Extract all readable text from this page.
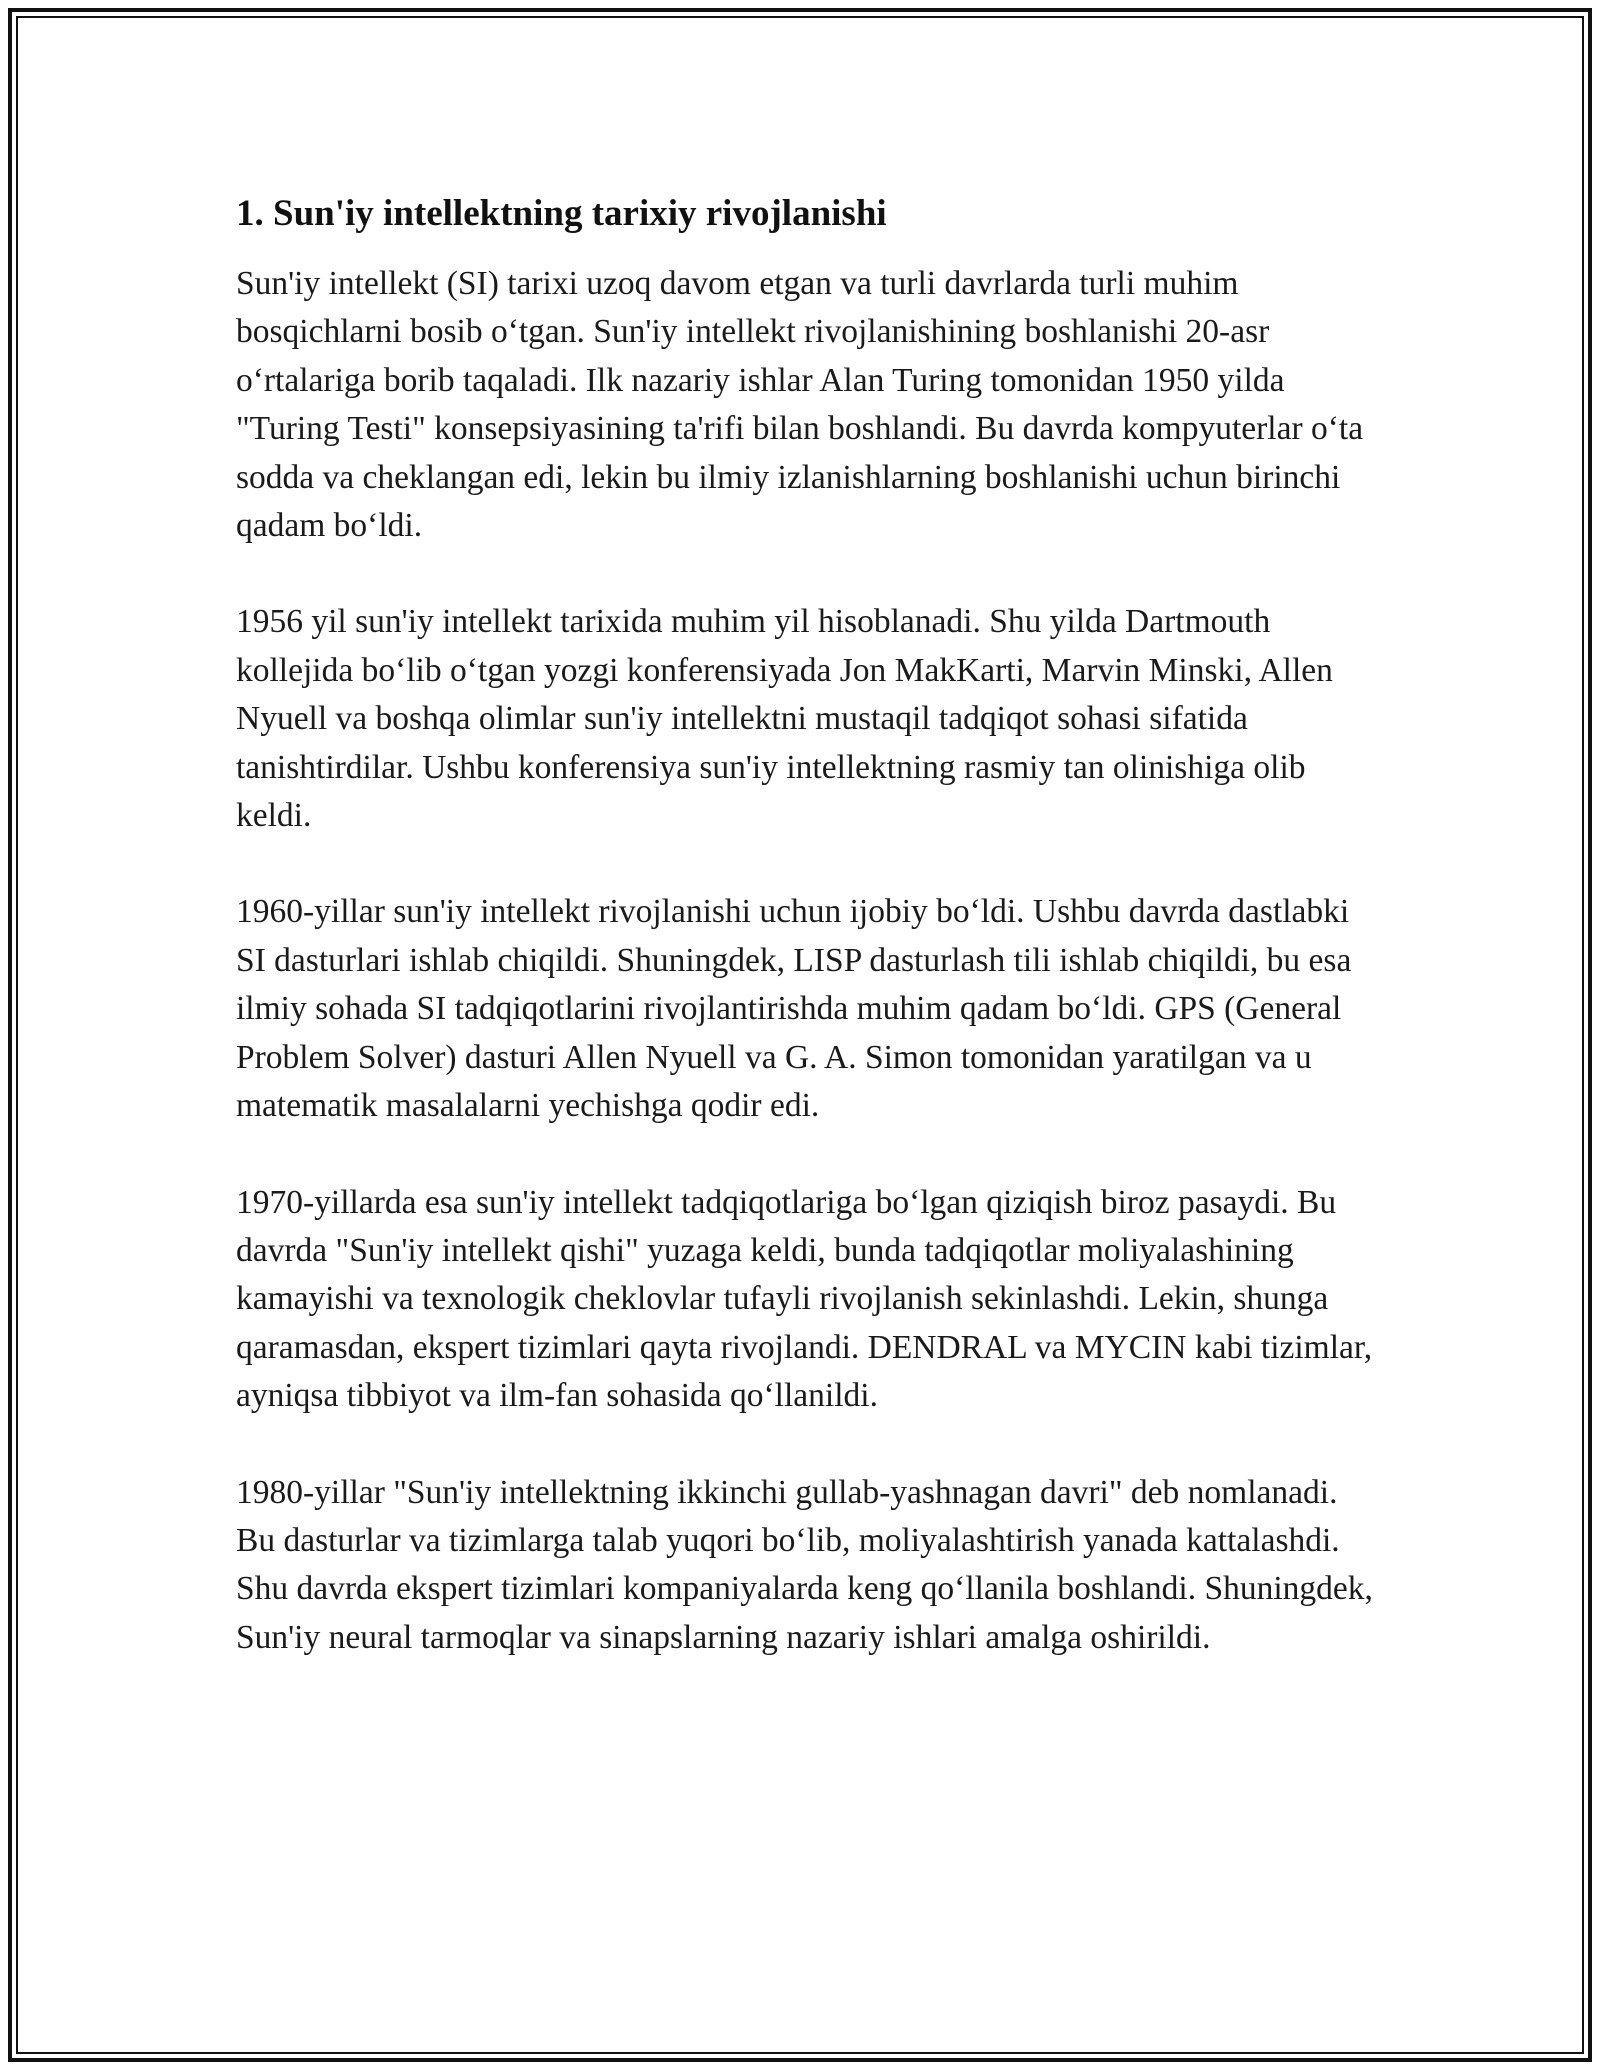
1. Sun'iy intellektning tarixiy rivojlanishi

Sun'iy intellekt (SI) tarixi uzoq davom etgan va turli davrlarda turli muhim bosqichlarni bosib o‘tgan. Sun'iy intellekt rivojlanishining boshlanishi 20-asr o‘rtalariga borib taqaladi. Ilk nazariy ishlar Alan Turing tomonidan 1950 yilda "Turing Testi" konsepsiyasining ta'rifi bilan boshlandi. Bu davrda kompyuterlar o‘ta sodda va cheklangan edi, lekin bu ilmiy izlanishlarning boshlanishi uchun birinchi qadam bo‘ldi.

1956 yil sun'iy intellekt tarixida muhim yil hisoblanadi. Shu yilda Dartmouth kollejida bo‘lib o‘tgan yozgi konferensiyada Jon MakKarti, Marvin Minski, Allen Nyuell va boshqa olimlar sun'iy intellektni mustaqil tadqiqot sohasi sifatida tanishtirdilar. Ushbu konferensiya sun'iy intellektning rasmiy tan olinishiga olib keldi.

1960-yillar sun'iy intellekt rivojlanishi uchun ijobiy bo‘ldi. Ushbu davrda dastlabki SI dasturlari ishlab chiqildi. Shuningdek, LISP dasturlash tili ishlab chiqildi, bu esa ilmiy sohada SI tadqiqotlarini rivojlantirishda muhim qadam bo‘ldi. GPS (General Problem Solver) dasturi Allen Nyuell va G. A. Simon tomonidan yaratilgan va u matematik masalalarni yechishga qodir edi.

1970-yillarda esa sun'iy intellekt tadqiqotlariga bo‘lgan qiziqish biroz pasaydi. Bu davrda "Sun'iy intellekt qishi" yuzaga keldi, bunda tadqiqotlar moliyalashining kamayishi va texnologik cheklovlar tufayli rivojlanish sekinlashdi. Lekin, shunga qaramasdan, ekspert tizimlari qayta rivojlandi. DENDRAL va MYCIN kabi tizimlar, ayniqsa tibbiyot va ilm-fan sohasida qo‘llanildi.

1980-yillar "Sun'iy intellektning ikkinchi gullab-yashnagan davri" deb nomlanadi. Bu dasturlar va tizimlarga talab yuqori bo‘lib, moliyalashtirish yanada kattalashdi. Shu davrda ekspert tizimlari kompaniyalarda keng qo‘llanila boshlandi. Shuningdek, Sun'iy neural tarmoqlar va sinapslarning nazariy ishlari amalga oshirildi.
